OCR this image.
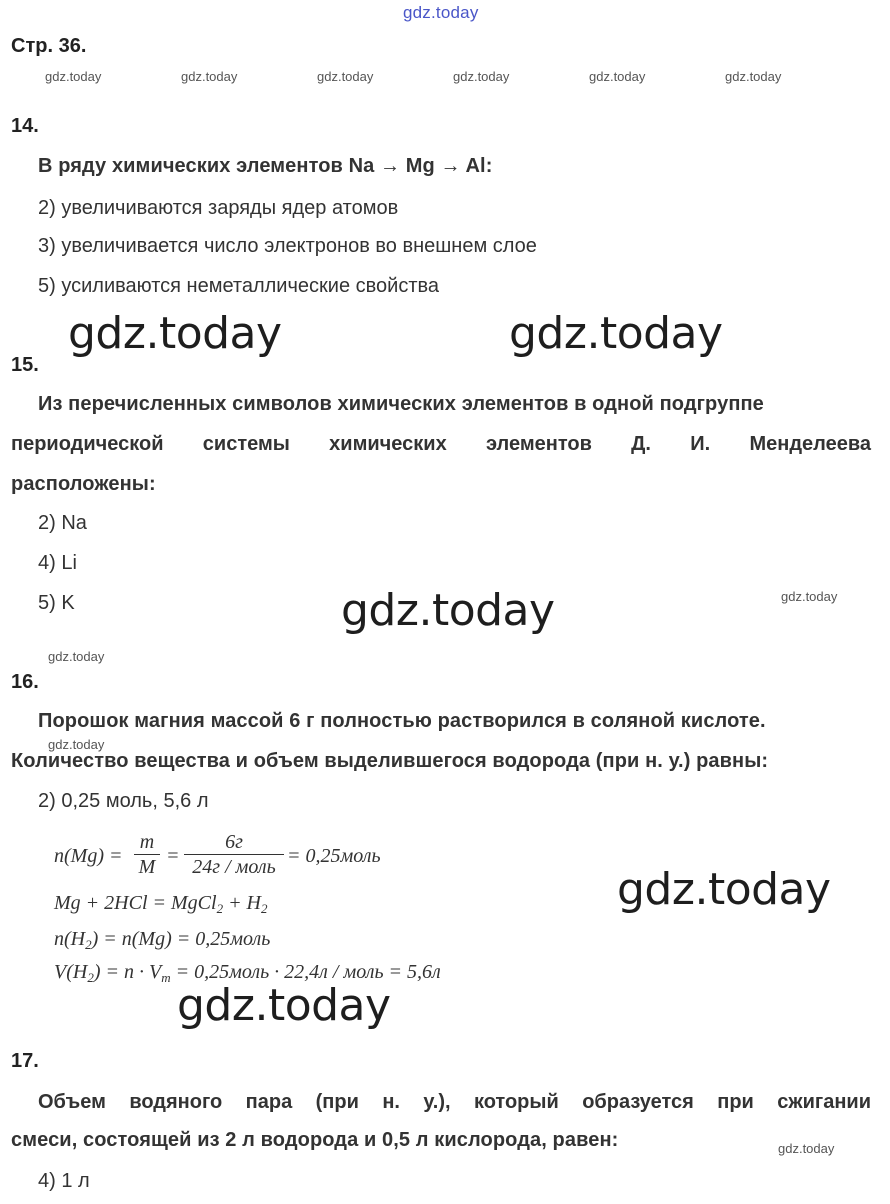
gdz.today
Стр. 36.
gdz.today	gdz.today	gdz.today	gdz.today	gdz.today	gdz.today
14.
В ряду химических элементов Na → Mg → Al:
2) увеличиваются заряды ядер атомов
3) увеличивается число электронов во внешнем слое
5) усиливаются неметаллические свойства
gdz.today	gdz.today
15.
Из перечисленных символов химических элементов в одной подгруппе
периодической системы химических элементов Д. И. Менделеева
расположены:
2) Na
4) Li
5) K	gdz.today	gdz.today
gdz.today
16.
Порошок магния массой 6 г полностью растворился в соляной кислоте.
gdz.today
Количество вещества и объем выделившегося водорода (при н. у.) равны:
2) 0,25 моль, 5,6 л
$n(Mg) = \frac{m}{M}$ =
6г
24г / моль = 0,25моль
Mg + 2HCl = MgCl$_2$ + $H_2$
$n(H_2) = n(Mg)$ = 0,25моль
$V(H_2) = n \cdot V_m$ = 0,25моль · 22,4л / моль = 5,6л
gdz.today
gdz.today
17.
Объем водяного пара (при н. у.), который образуется при сжигании
смеси, состоящей из 2 л водорода и 0,5 л кислорода, равен:	gdz.today
4) 1 л
